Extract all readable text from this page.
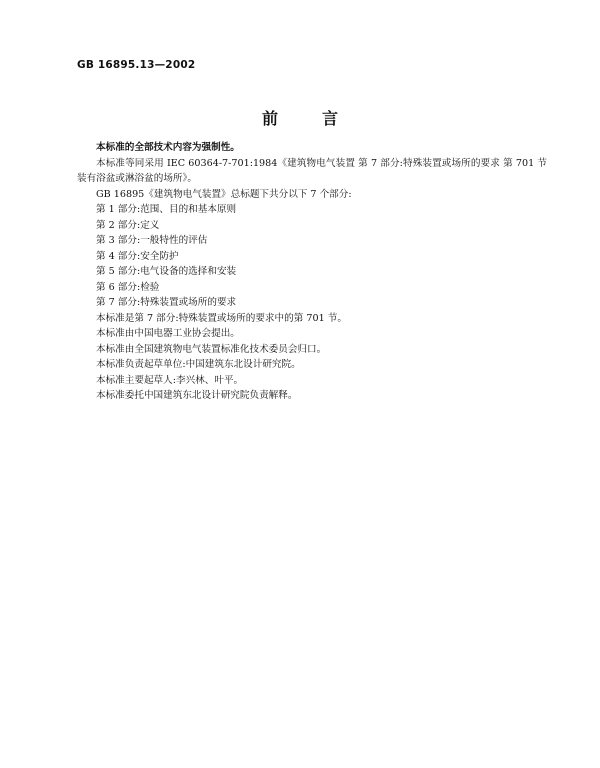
GB 16895.13—2002
前言

本标准的全部技术内容为强制性。

本标准等同采用 IEC 60364-7-701:1984《建筑物电气装置 第 7 部分:特殊装置或场所的要求 第 701 节 装有浴盆或淋浴盆的场所》。

GB 16895《建筑物电气装置》总标题下共分以下 7 个部分:

第 1 部分:范围、目的和基本原则

第 2 部分:定义

第 3 部分:一般特性的评估

第 4 部分:安全防护

第 5 部分:电气设备的选择和安装

第 6 部分:检验

第 7 部分:特殊装置或场所的要求

本标准是第 7 部分:特殊装置或场所的要求中的第 701 节。

本标准由中国电器工业协会提出。

本标准由全国建筑物电气装置标准化技术委员会归口。

本标准负责起草单位:中国建筑东北设计研究院。

本标准主要起草人:李兴林、叶平。

本标准委托中国建筑东北设计研究院负责解释。
